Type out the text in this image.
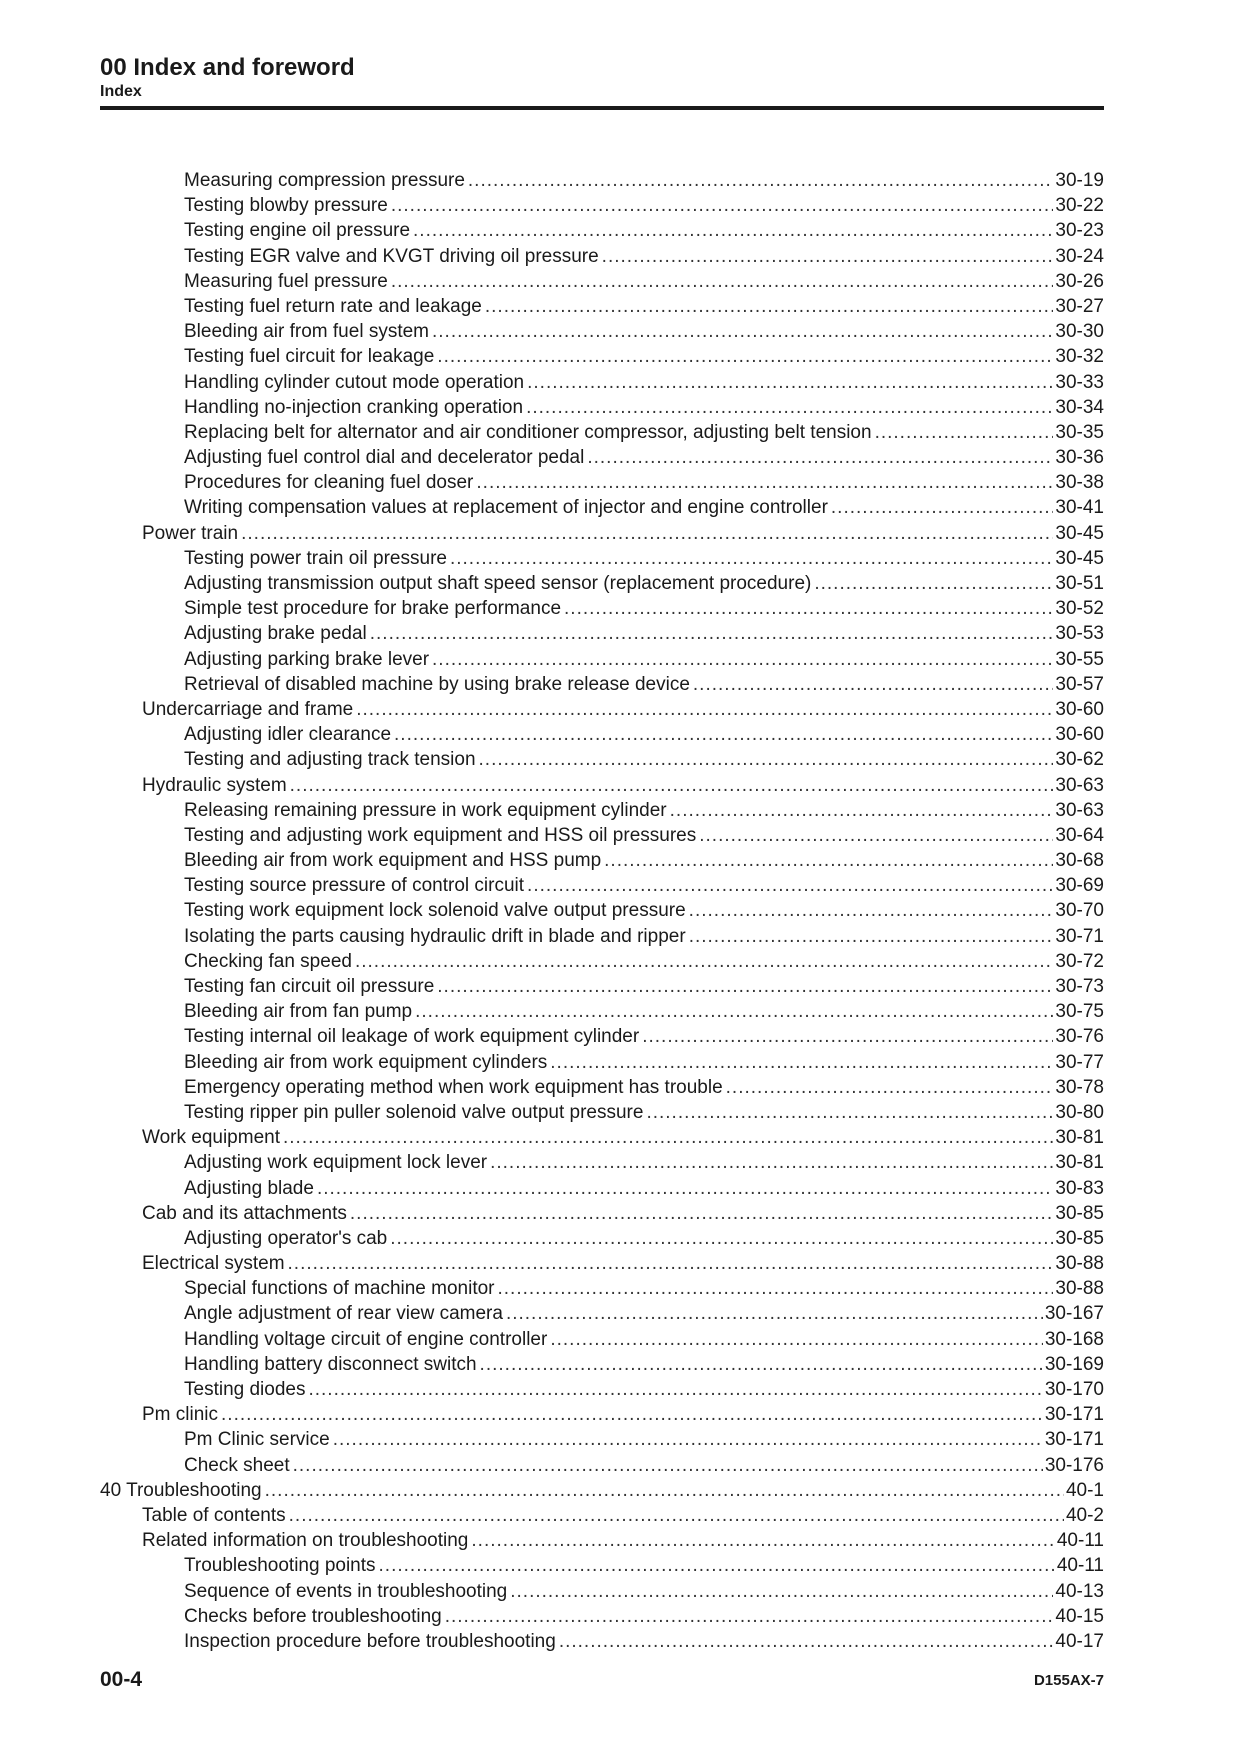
00 Index and foreword
Index
Measuring compression pressure .....	30-19
Testing blowby pressure .....	30-22
Testing engine oil pressure .....	30-23
Testing EGR valve and KVGT driving oil pressure .....	30-24
Measuring fuel pressure .....	30-26
Testing fuel return rate and leakage .....	30-27
Bleeding air from fuel system .....	30-30
Testing fuel circuit for leakage .....	30-32
Handling cylinder cutout mode operation .....	30-33
Handling no-injection cranking operation .....	30-34
Replacing belt for alternator and air conditioner compressor, adjusting belt tension .....	30-35
Adjusting fuel control dial and decelerator pedal .....	30-36
Procedures for cleaning fuel doser .....	30-38
Writing compensation values at replacement of injector and engine controller .....	30-41
Power train .....	30-45
Testing power train oil pressure .....	30-45
Adjusting transmission output shaft speed sensor (replacement procedure) .....	30-51
Simple test procedure for brake performance .....	30-52
Adjusting brake pedal .....	30-53
Adjusting parking brake lever .....	30-55
Retrieval of disabled machine by using brake release device .....	30-57
Undercarriage and frame .....	30-60
Adjusting idler clearance .....	30-60
Testing and adjusting track tension .....	30-62
Hydraulic system .....	30-63
Releasing remaining pressure in work equipment cylinder .....	30-63
Testing and adjusting work equipment and HSS oil pressures .....	30-64
Bleeding air from work equipment and HSS pump .....	30-68
Testing source pressure of control circuit .....	30-69
Testing work equipment lock solenoid valve output pressure .....	30-70
Isolating the parts causing hydraulic drift in blade and ripper .....	30-71
Checking fan speed .....	30-72
Testing fan circuit oil pressure .....	30-73
Bleeding air from fan pump .....	30-75
Testing internal oil leakage of work equipment cylinder .....	30-76
Bleeding air from work equipment cylinders .....	30-77
Emergency operating method when work equipment has trouble .....	30-78
Testing ripper pin puller solenoid valve output pressure .....	30-80
Work equipment .....	30-81
Adjusting work equipment lock lever .....	30-81
Adjusting blade .....	30-83
Cab and its attachments .....	30-85
Adjusting operator's cab .....	30-85
Electrical system .....	30-88
Special functions of machine monitor .....	30-88
Angle adjustment of rear view camera .....	30-167
Handling voltage circuit of engine controller .....	30-168
Handling battery disconnect switch .....	30-169
Testing diodes .....	30-170
Pm clinic .....	30-171
Pm Clinic service .....	30-171
Check sheet .....	30-176
40 Troubleshooting .....	40-1
Table of contents .....	40-2
Related information on troubleshooting .....	40-11
Troubleshooting points .....	40-11
Sequence of events in troubleshooting .....	40-13
Checks before troubleshooting .....	40-15
Inspection procedure before troubleshooting .....	40-17
00-4	D155AX-7
